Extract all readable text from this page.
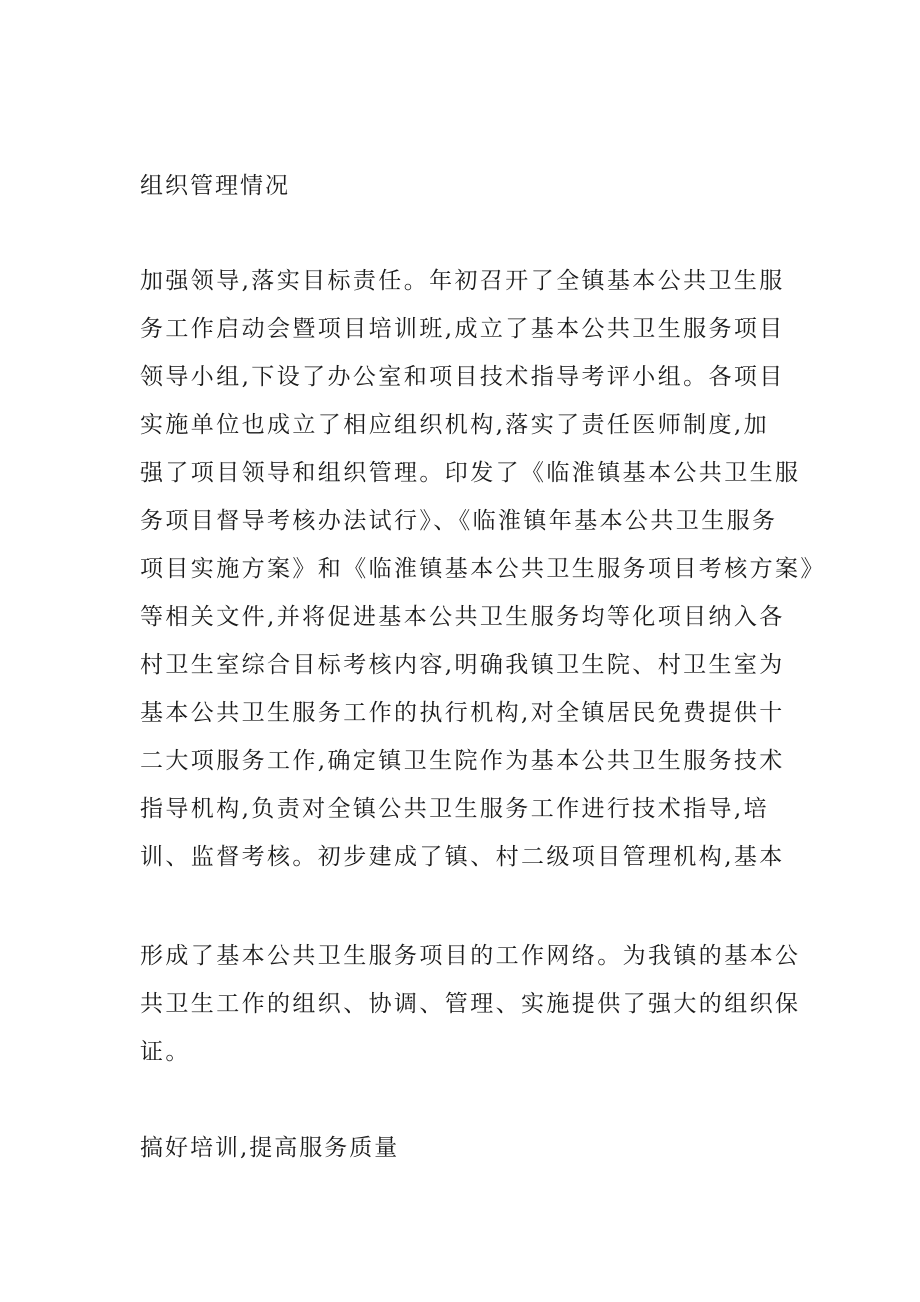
组织管理情况
加强领导,落实目标责任。年初召开了全镇基本公共卫生服
务工作启动会暨项目培训班,成立了基本公共卫生服务项目
领导小组,下设了办公室和项目技术指导考评小组。各项目
实施单位也成立了相应组织机构,落实了责任医师制度,加
强了项目领导和组织管理。印发了《临淮镇基本公共卫生服
务项目督导考核办法试行》、《临淮镇年基本公共卫生服务
项目实施方案》和《临淮镇基本公共卫生服务项目考核方案》
等相关文件,并将促进基本公共卫生服务均等化项目纳入各
村卫生室综合目标考核内容,明确我镇卫生院、村卫生室为
基本公共卫生服务工作的执行机构,对全镇居民免费提供十
二大项服务工作,确定镇卫生院作为基本公共卫生服务技术
指导机构,负责对全镇公共卫生服务工作进行技术指导,培
训、监督考核。初步建成了镇、村二级项目管理机构,基本
形成了基本公共卫生服务项目的工作网络。为我镇的基本公
共卫生工作的组织、协调、管理、实施提供了强大的组织保
证。
搞好培训,提高服务质量
